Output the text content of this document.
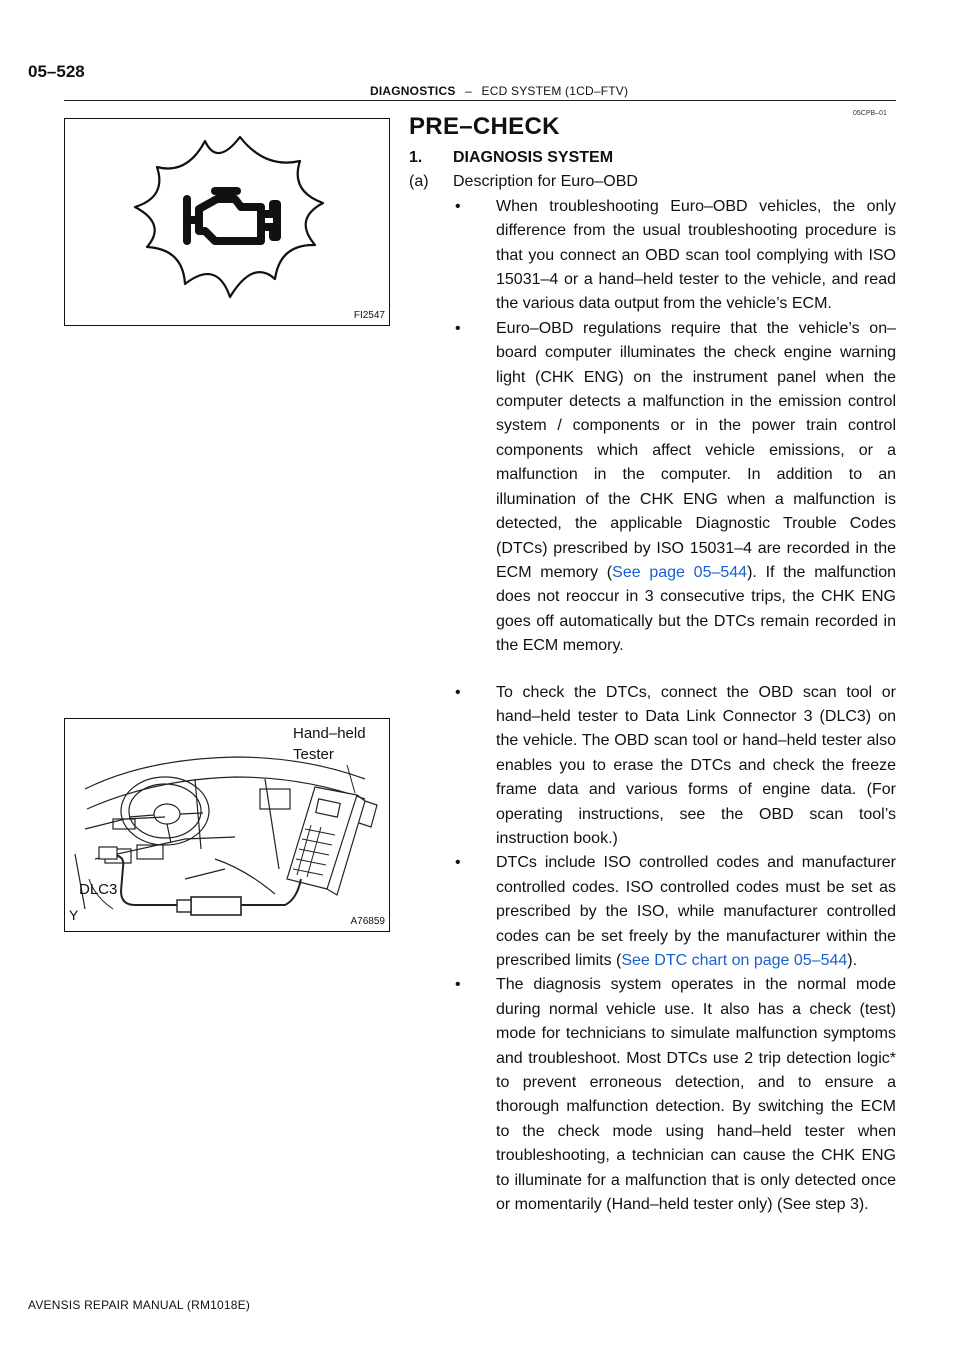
05–528
DIAGNOSTICS – ECD SYSTEM (1CD–FTV)
05CPB–01
FI2547
Hand–held
Tester
DLC3
Y	A76859
PRE–CHECK
1.	DIAGNOSIS SYSTEM
(a)	Description for Euro–OBD
•	When troubleshooting Euro–OBD vehicles, the only difference from the usual troubleshooting procedure is that you connect an OBD scan tool complying with ISO 15031–4 or a hand–held tester to the vehicle, and read the various data output from the vehicle’s ECM.
•	Euro–OBD regulations require that the vehicle’s on–board computer illuminates the check engine warning light (CHK ENG) on the instrument panel when the computer detects a malfunction in the emission control system / components or in the power train control components which affect vehicle emissions, or a malfunction in the computer. In addition to an illumination of the CHK ENG when a malfunction is detected, the applicable Diagnostic Trouble Codes (DTCs) prescribed by ISO 15031–4 are recorded in the ECM memory (See page 05–544). If the malfunction does not reoccur in 3 consecutive trips, the CHK ENG goes off automatically but the DTCs remain recorded in the ECM memory.
•	To check the DTCs, connect the OBD scan tool or hand–held tester to Data Link Connector 3 (DLC3) on the vehicle. The OBD scan tool or hand–held tester also enables you to erase the DTCs and check the freeze frame data and various forms of engine data. (For operating instructions, see the OBD scan tool’s instruction book.)
•	DTCs include ISO controlled codes and manufacturer controlled codes. ISO controlled codes must be set as prescribed by the ISO, while manufacturer controlled codes can be set freely by the manufacturer within the prescribed limits (See DTC chart on page 05–544).
•	The diagnosis system operates in the normal mode during normal vehicle use. It also has a check (test) mode for technicians to simulate malfunction symptoms and troubleshoot. Most DTCs use 2 trip detection logic* to prevent erroneous detection, and to ensure a thorough malfunction detection. By switching the ECM to the check mode using hand–held tester when troubleshooting, a technician can cause the CHK ENG to illuminate for a malfunction that is only detected once or momentarily (Hand–held tester only) (See step 3).
AVENSIS REPAIR MANUAL (RM1018E)
